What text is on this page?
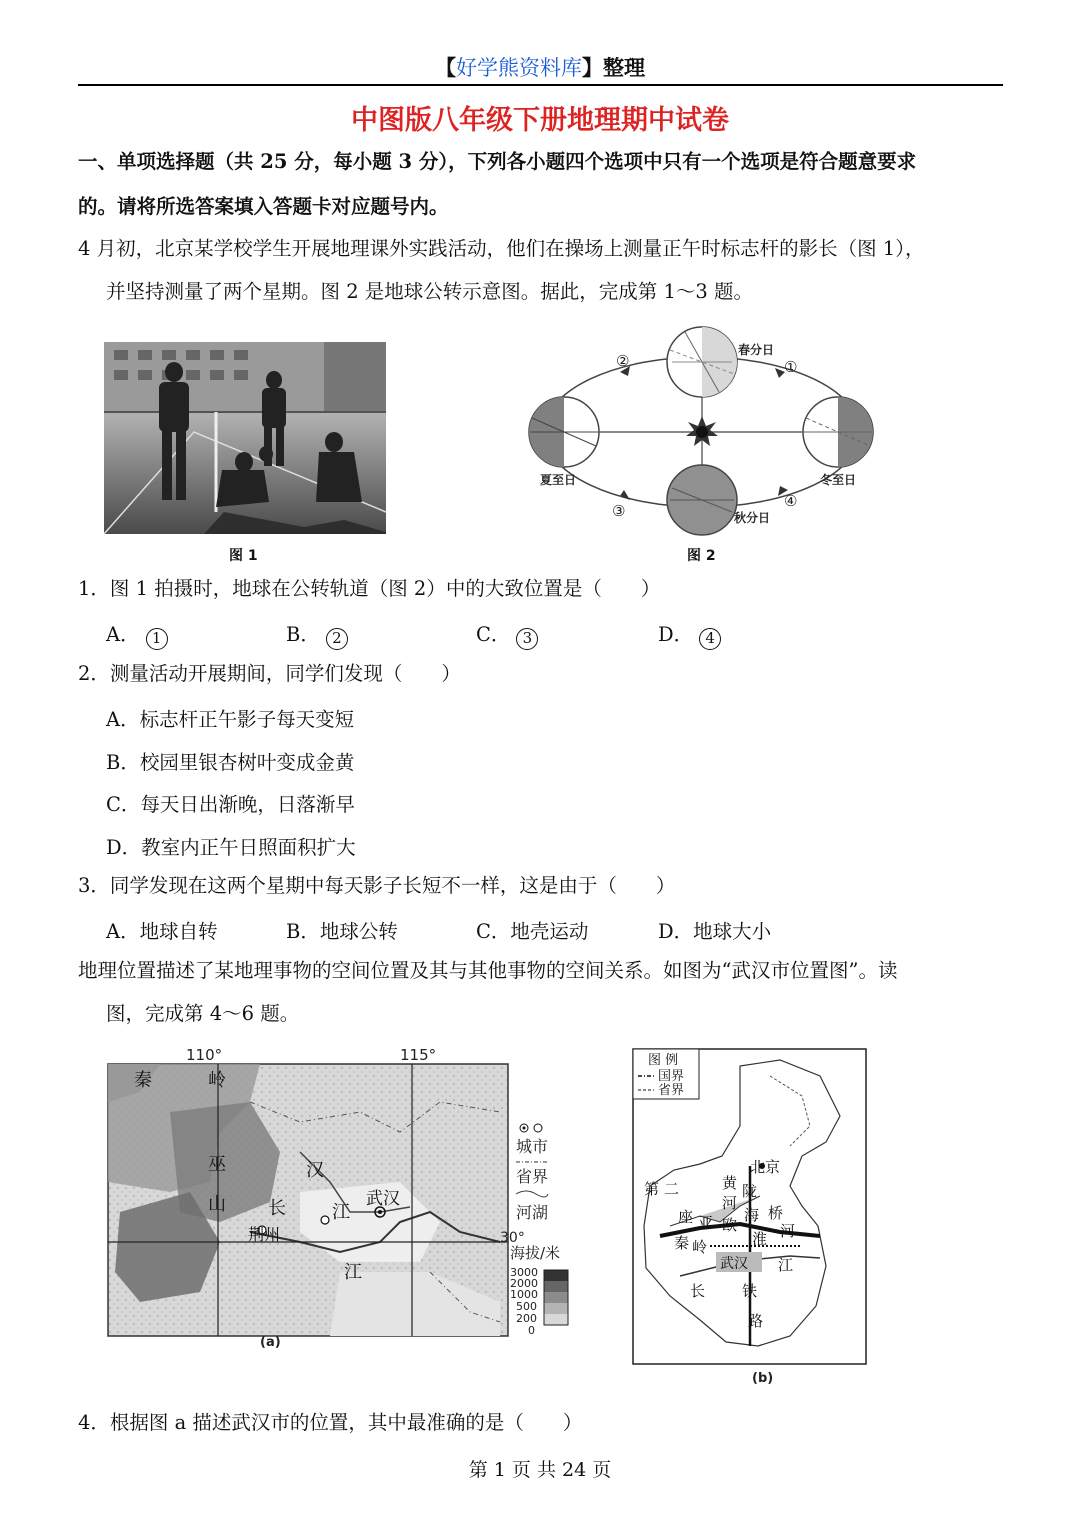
【好学熊资料库】整理
中图版八年级下册地理期中试卷
一、单项选择题（共 25 分，每小题 3 分），下列各小题四个选项中只有一个选项是符合题意要求
的。请将所选答案填入答题卡对应题号内。
4 月初，北京某学校学生开展地理课外实践活动，他们在操场上测量正午时标志杆的影长（图 1），
并坚持测量了两个星期。图 2 是地球公转示意图。据此，完成第 1～3 题。
图 1
春分日
夏至日	冬至日
秋分日
①
②
③
④
图 2
1．图 1 拍摄时，地球在公转轨道（图 2）中的大致位置是（　　）
A． 1	B． 2	C． 3	D． 4
2．测量活动开展期间，同学们发现（　　）
A．标志杆正午影子每天变短
B．校园里银杏树叶变成金黄
C．每天日出渐晚，日落渐早
D．教室内正午日照面积扩大
3．同学发现在这两个星期中每天影子长短不一样，这是由于（　　）
A．地球自转	B．地球公转	C．地壳运动	D．地球大小
地理位置描述了某地理事物的空间位置及其与其他事物的空间关系。如图为“武汉市位置图”。读
图，完成第 4～6 题。
110°	115°
30°
秦	岭
巫
山
汉
长	江
武汉
荆州
江
城市
省界
河湖
海拔/米
3000
2000
1000
500
200
0
(a)
图 例
国界
省界
北京
黄
河
欧
陇
海 桥
第 二
座 亚
秦 岭	淮 河
武汉 江
长 铁
路
(b)
4．根据图 a 描述武汉市的位置，其中最准确的是（　　）
第 1 页 共 24 页
